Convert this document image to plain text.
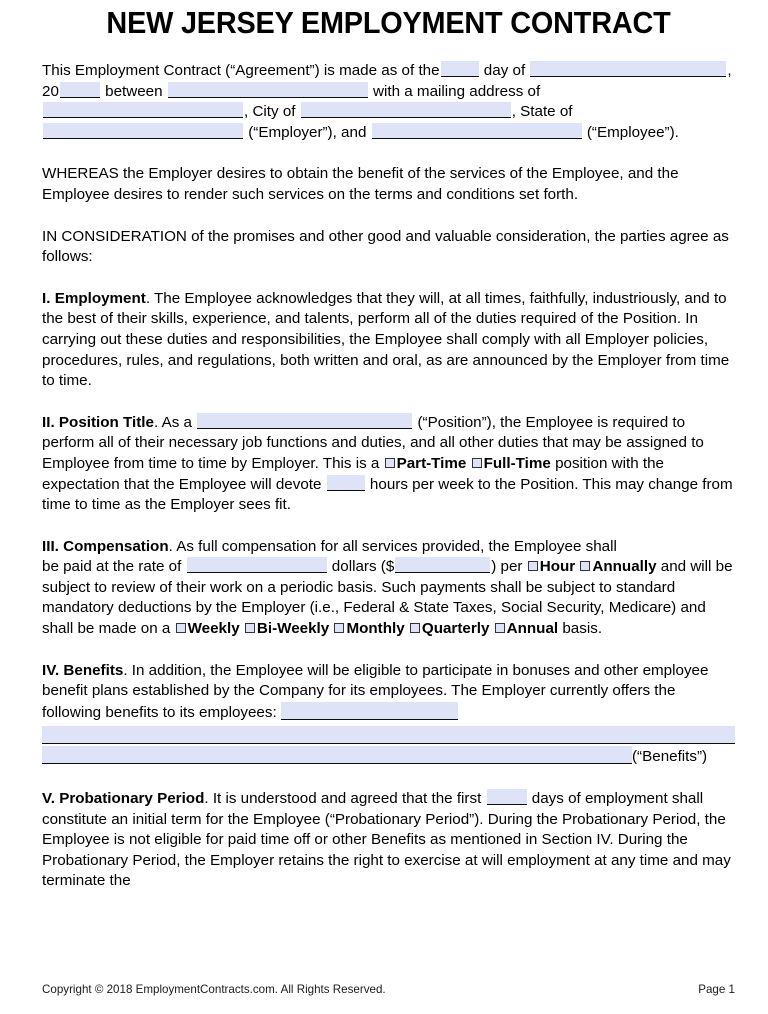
NEW JERSEY EMPLOYMENT CONTRACT

This Employment Contract (“Agreement”) is made as of the	day of	, 20	between	with a mailing address of , City of	, State of  (“Employer”), and	(“Employee”).

WHEREAS the Employer desires to obtain the benefit of the services of the Employee, and the Employee desires to render such services on the terms and conditions set forth.

IN CONSIDERATION of the promises and other good and valuable consideration, the parties agree as follows:

I. Employment. The Employee acknowledges that they will, at all times, faithfully, industriously, and to the best of their skills, experience, and talents, perform all of the duties required of the Position. In carrying out these duties and responsibilities, the Employee shall comply with all Employer policies, procedures, rules, and regulations, both written and oral, as are announced by the Employer from time to time.

II. Position Title. As a	(“Position”), the Employee is required to perform all of their necessary job functions and duties, and all other duties that may be assigned to Employee from time to time by Employer. This is a Part-Time Full-Time position with the expectation that the Employee will devote	hours per week to the Position. This may change from time to time as the Employer sees fit.

III. Compensation. As full compensation for all services provided, the Employee shall

be paid at the rate of	dollars ($	) per Hour Annually and will be subject to review of their work on a periodic basis. Such payments shall be subject to standard mandatory deductions by the Employer (i.e., Federal & State Taxes, Social Security, Medicare) and shall be made on a Weekly Bi-Weekly Monthly Quarterly Annual basis.

IV. Benefits. In addition, the Employee will be eligible to participate in bonuses and other employee benefit plans established by the Company for its employees. The Employer currently offers the following benefits to its employees:

(“Benefits”)

V. Probationary Period. It is understood and agreed that the first	days of employment shall constitute an initial term for the Employee (“Probationary Period”). During the Probationary Period, the Employee is not eligible for paid time off or other Benefits as mentioned in Section IV. During the Probationary Period, the Employer retains the right to exercise at will employment at any time and may terminate the

Copyright © 2018 EmploymentContracts.com. All Rights Reserved.	Page 1
